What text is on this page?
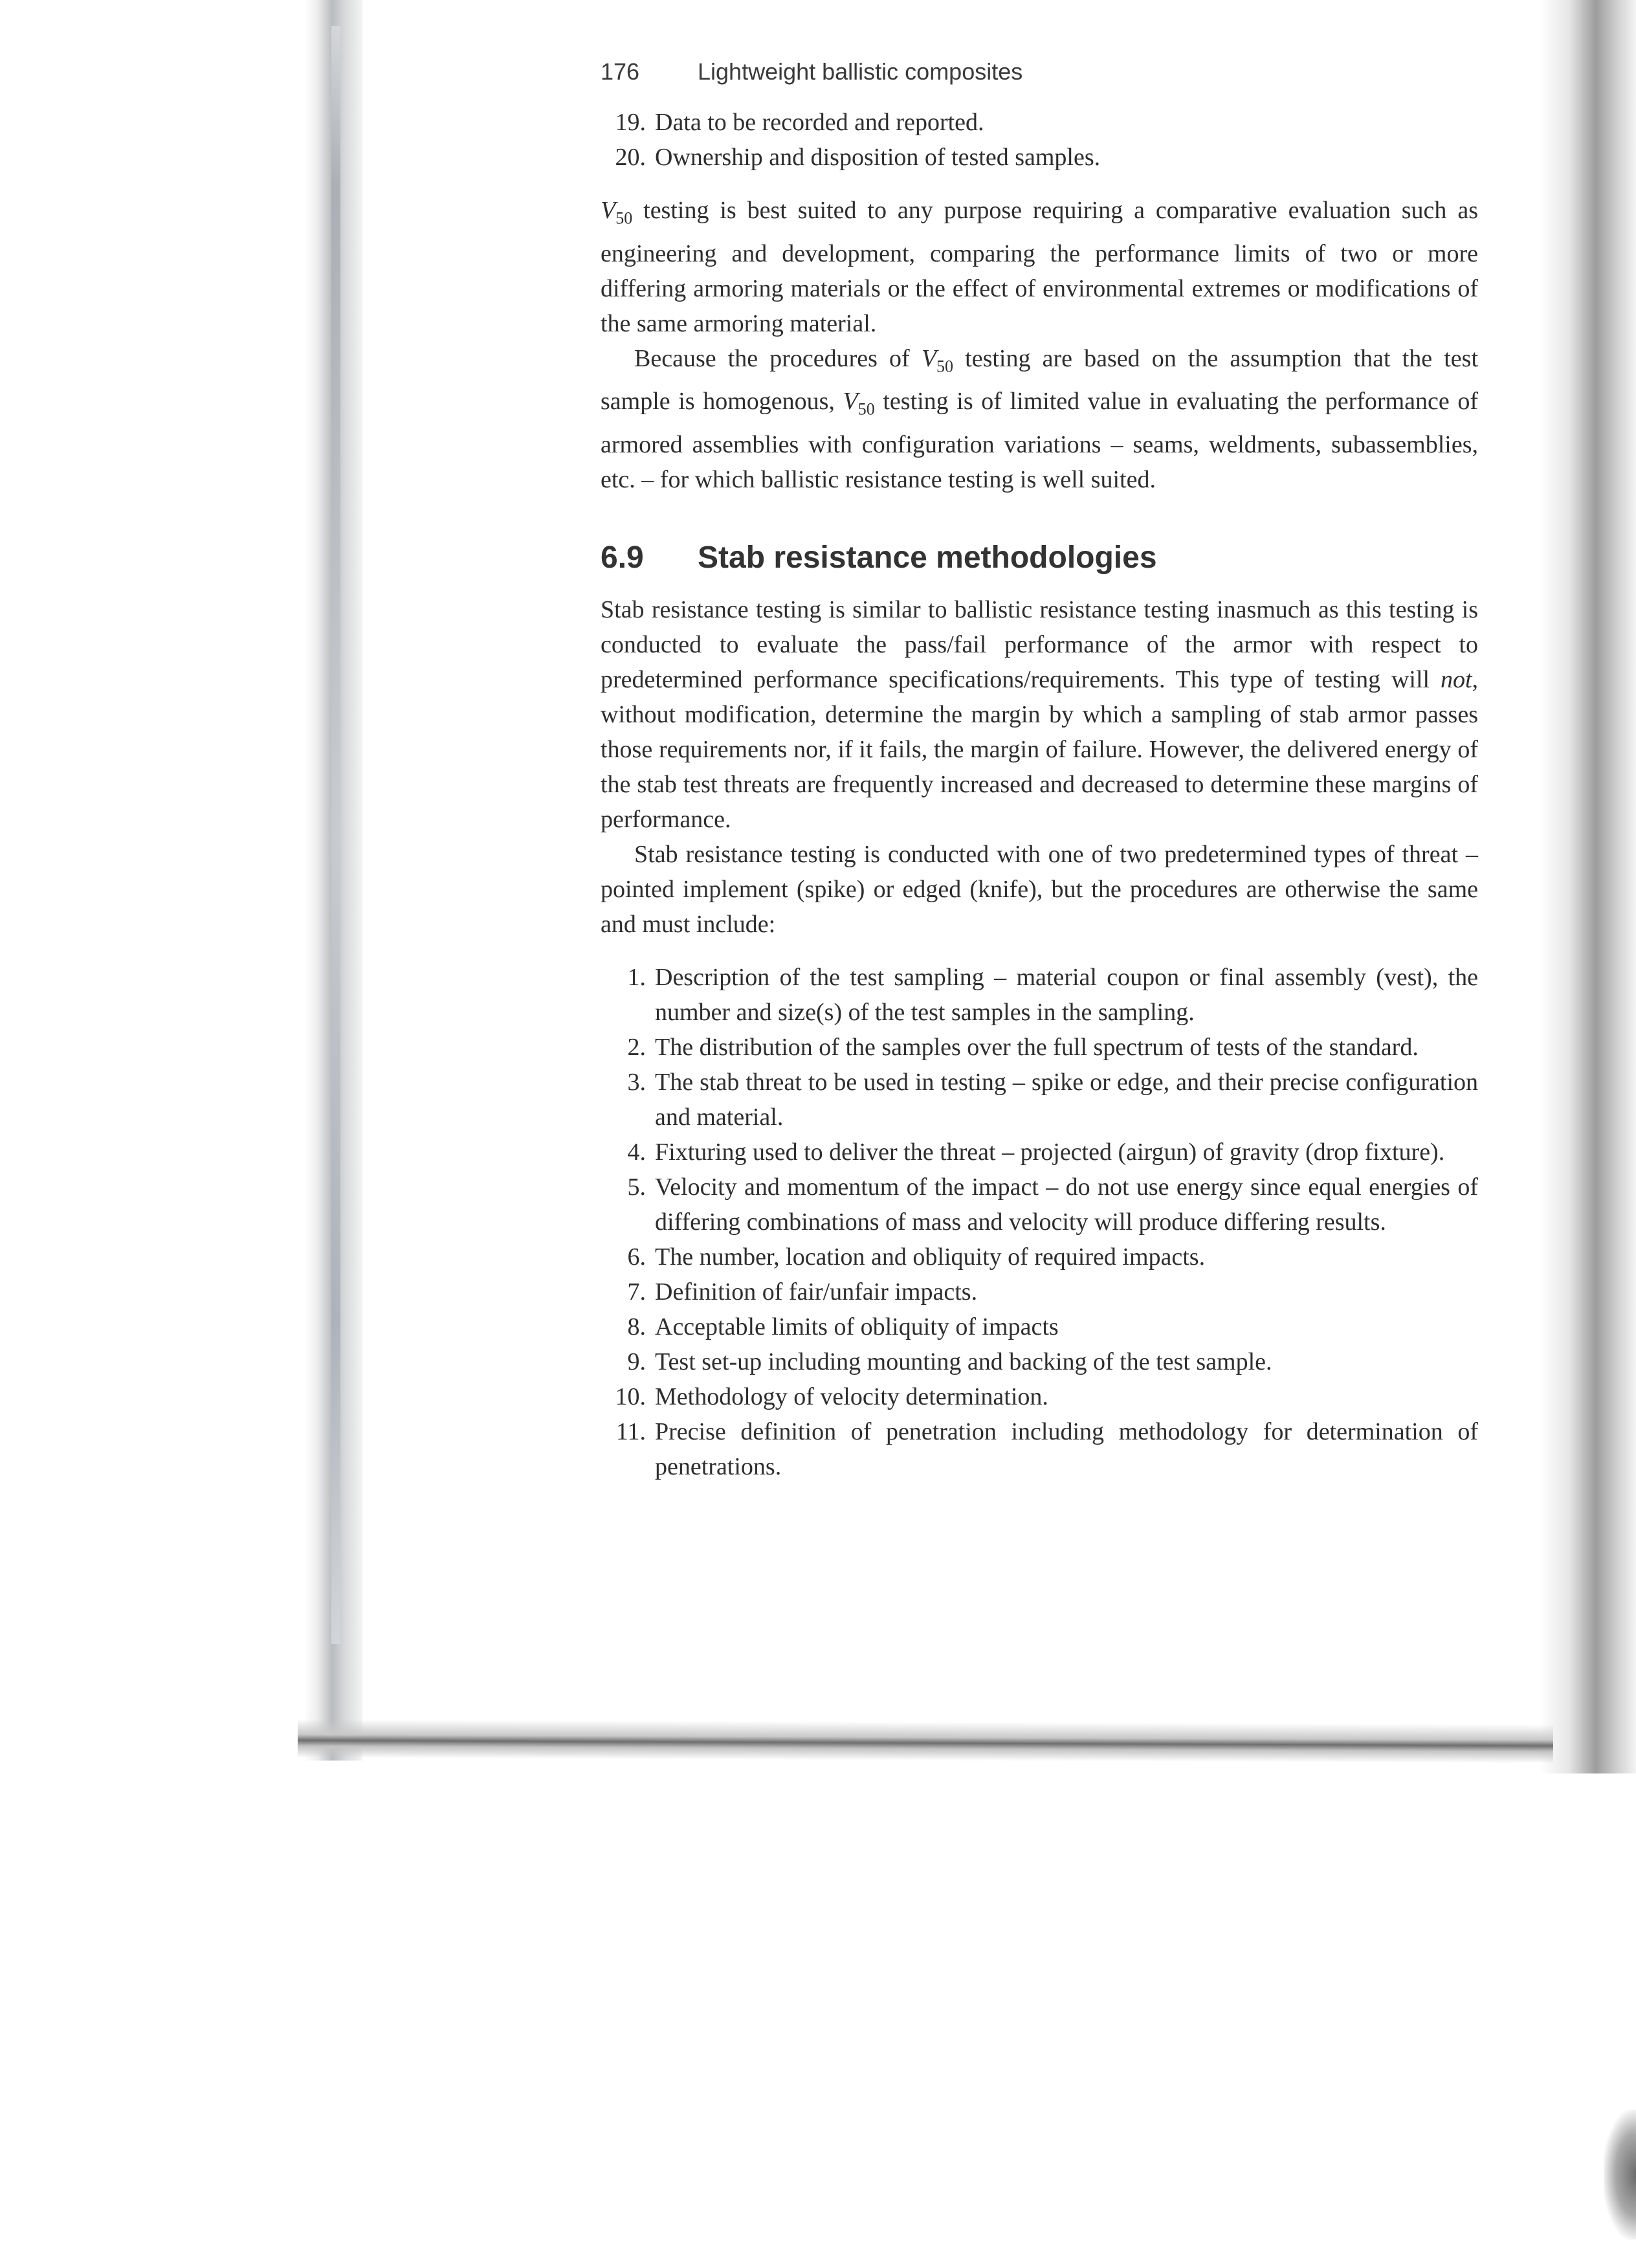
176 Lightweight ballistic composites
19. Data to be recorded and reported.
20. Ownership and disposition of tested samples.

$V_{50}$ testing is best suited to any purpose requiring a comparative evaluation such as engineering and development, comparing the performance limits of two or more differing armoring materials or the effect of environmental extremes or modifications of the same armoring material.

Because the procedures of $V_{50}$ testing are based on the assumption that the test sample is homogenous, $V_{50}$ testing is of limited value in evaluating the performance of armored assemblies with configuration variations – seams, weldments, subassemblies, etc. – for which ballistic resistance testing is well suited.

6.9 Stab resistance methodologies

Stab resistance testing is similar to ballistic resistance testing inasmuch as this testing is conducted to evaluate the pass/fail performance of the armor with respect to predetermined performance specifications/requirements. This type of testing will not, without modification, determine the margin by which a sampling of stab armor passes those requirements nor, if it fails, the margin of failure. However, the delivered energy of the stab test threats are frequently increased and decreased to determine these margins of performance.

Stab resistance testing is conducted with one of two predetermined types of threat – pointed implement (spike) or edged (knife), but the procedures are otherwise the same and must include:

1. Description of the test sampling – material coupon or final assembly (vest), the number and size(s) of the test samples in the sampling.
2. The distribution of the samples over the full spectrum of tests of the standard.
3. The stab threat to be used in testing – spike or edge, and their precise configuration and material.
4. Fixturing used to deliver the threat – projected (airgun) of gravity (drop fixture).
5. Velocity and momentum of the impact – do not use energy since equal energies of differing combinations of mass and velocity will produce differing results.
6. The number, location and obliquity of required impacts.
7. Definition of fair/unfair impacts.
8. Acceptable limits of obliquity of impacts
9. Test set-up including mounting and backing of the test sample.
10. Methodology of velocity determination.
11. Precise definition of penetration including methodology for determination of penetrations.
